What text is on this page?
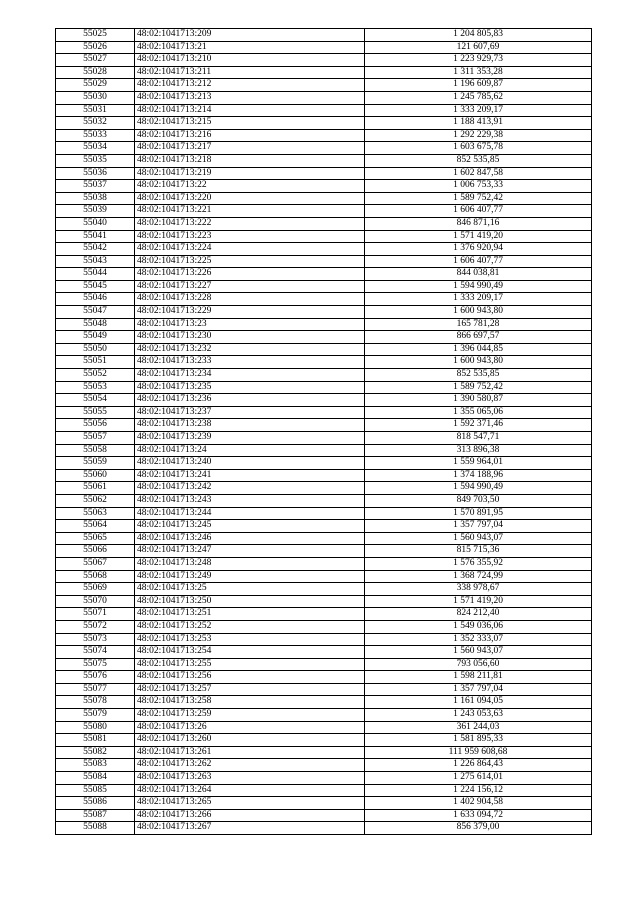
55025	48:02:1041713:209	1 204 805,83
55026	48:02:1041713:21	121 607,69
55027	48:02:1041713:210	1 223 929,73
55028	48:02:1041713:211	1 311 353,28
55029	48:02:1041713:212	1 196 609,87
55030	48:02:1041713:213	1 245 785,62
55031	48:02:1041713:214	1 333 209,17
55032	48:02:1041713:215	1 188 413,91
55033	48:02:1041713:216	1 292 229,38
55034	48:02:1041713:217	1 603 675,78
55035	48:02:1041713:218	852 535,85
55036	48:02:1041713:219	1 602 847,58
55037	48:02:1041713:22	1 006 753,33
55038	48:02:1041713:220	1 589 752,42
55039	48:02:1041713:221	1 606 407,77
55040	48:02:1041713:222	846 871,16
55041	48:02:1041713:223	1 571 419,20
55042	48:02:1041713:224	1 376 920,94
55043	48:02:1041713:225	1 606 407,77
55044	48:02:1041713:226	844 038,81
55045	48:02:1041713:227	1 594 990,49
55046	48:02:1041713:228	1 333 209,17
55047	48:02:1041713:229	1 600 943,80
55048	48:02:1041713:23	165 781,28
55049	48:02:1041713:230	866 697,57
55050	48:02:1041713:232	1 396 044,85
55051	48:02:1041713:233	1 600 943,80
55052	48:02:1041713:234	852 535,85
55053	48:02:1041713:235	1 589 752,42
55054	48:02:1041713:236	1 390 580,87
55055	48:02:1041713:237	1 355 065,06
55056	48:02:1041713:238	1 592 371,46
55057	48:02:1041713:239	818 547,71
55058	48:02:1041713:24	313 896,38
55059	48:02:1041713:240	1 559 964,01
55060	48:02:1041713:241	1 374 188,96
55061	48:02:1041713:242	1 594 990,49
55062	48:02:1041713:243	849 703,50
55063	48:02:1041713:244	1 570 891,95
55064	48:02:1041713:245	1 357 797,04
55065	48:02:1041713:246	1 560 943,07
55066	48:02:1041713:247	815 715,36
55067	48:02:1041713:248	1 576 355,92
55068	48:02:1041713:249	1 368 724,99
55069	48:02:1041713:25	338 978,67
55070	48:02:1041713:250	1 571 419,20
55071	48:02:1041713:251	824 212,40
55072	48:02:1041713:252	1 549 036,06
55073	48:02:1041713:253	1 352 333,07
55074	48:02:1041713:254	1 560 943,07
55075	48:02:1041713:255	793 056,60
55076	48:02:1041713:256	1 598 211,81
55077	48:02:1041713:257	1 357 797,04
55078	48:02:1041713:258	1 161 094,05
55079	48:02:1041713:259	1 243 053,63
55080	48:02:1041713:26	361 244,03
55081	48:02:1041713:260	1 581 895,33
55082	48:02:1041713:261	111 959 608,68
55083	48:02:1041713:262	1 226 864,43
55084	48:02:1041713:263	1 275 614,01
55085	48:02:1041713:264	1 224 156,12
55086	48:02:1041713:265	1 402 904,58
55087	48:02:1041713:266	1 633 094,72
55088	48:02:1041713:267	856 379,00
